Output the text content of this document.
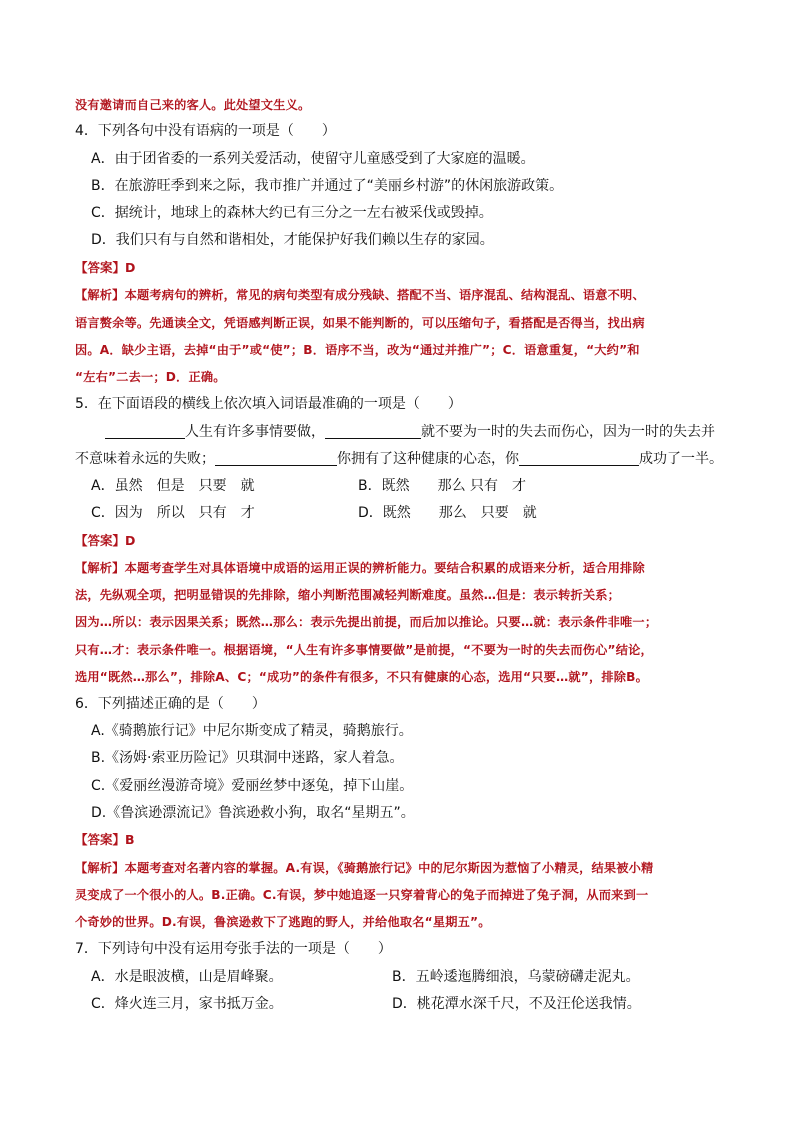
没有邀请而自己来的客人。此处望文生义。
4．下列各句中没有语病的一项是（　　）
A．由于团省委的一系列关爱活动，使留守儿童感受到了大家庭的温暖。
B．在旅游旺季到来之际，我市推广并通过了“美丽乡村游”的休闲旅游政策。
C．据统计，地球上的森林大约已有三分之一左右被采伐或毁掉。
D．我们只有与自然和谐相处，才能保护好我们赖以生存的家园。
【答案】D
【解析】本题考病句的辨析，常见的病句类型有成分残缺、搭配不当、语序混乱、结构混乱、语意不明、
语言赘余等。先通读全文，凭语感判断正误，如果不能判断的，可以压缩句子，看搭配是否得当，找出病
因。A．缺少主语，去掉“由于”或“使”；B．语序不当，改为“通过并推广”；C．语意重复，“大约”和
“左右”二去一；D．正确。
5．在下面语段的横线上依次填入词语最准确的一项是（　　）
人生有许多事情要做，	就不要为一时的失去而伤心，因为一时的失去并
不意味着永远的失败；	你拥有了这种健康的心态，你	成功了一半。
A．虽然　但是　只要　就	B．既然　　那么 只有　才
C．因为　所以　只有　才	D．既然　　那么　只要　就
【答案】D
【解析】本题考查学生对具体语境中成语的运用正误的辨析能力。要结合积累的成语来分析，适合用排除
法，先纵观全项，把明显错误的先排除，缩小判断范围减轻判断难度。虽然…但是：表示转折关系；
因为…所以：表示因果关系；既然…那么：表示先提出前提，而后加以推论。只要…就：表示条件非唯一；
只有…才：表示条件唯一。根据语境，“人生有许多事情要做”是前提，“不要为一时的失去而伤心”结论，
选用“既然…那么”，排除A、C；“成功”的条件有很多，不只有健康的心态，选用“只要…就”，排除B。
6．下列描述正确的是（　　）
A.《骑鹅旅行记》中尼尔斯变成了精灵，骑鹅旅行。
B.《汤姆·索亚历险记》贝琪洞中迷路，家人着急。
C.《爱丽丝漫游奇境》爱丽丝梦中逐兔，掉下山崖。
D.《鲁滨逊漂流记》鲁滨逊救小狗，取名“星期五”。
【答案】B
【解析】本题考查对名著内容的掌握。A.有误，《骑鹅旅行记》中的尼尔斯因为惹恼了小精灵，结果被小精
灵变成了一个很小的人。B.正确。C.有误，梦中她追逐一只穿着背心的兔子而掉进了兔子洞，从而来到一
个奇妙的世界。D.有误，鲁滨逊救下了逃跑的野人，并给他取名“星期五”。
7．下列诗句中没有运用夸张手法的一项是（　　）
A．水是眼波横，山是眉峰聚。	B．五岭逶迤腾细浪，乌蒙磅礴走泥丸。
C．烽火连三月，家书抵万金。	D．桃花潭水深千尺，不及汪伦送我情。
